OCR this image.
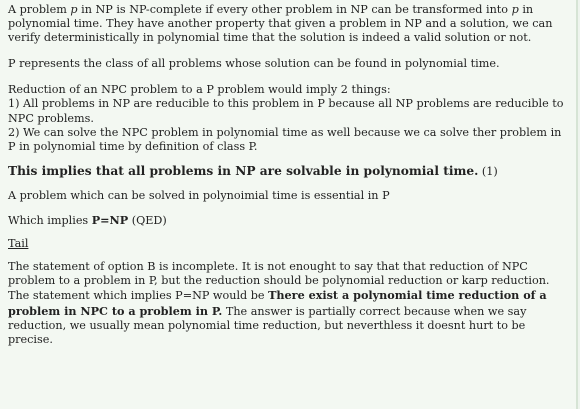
A problem p in NP is NP-complete if every other problem in NP can be transformed into p in polynomial time. They have another property that given a problem in NP and a solution, we can verify deterministically in polynomial time that the solution is indeed a valid solution or not.

P represents the class of all problems whose solution can be found in polynomial time.

Reduction of an NPC problem to a P problem would imply 2 things:

1) All problems in NP are reducible to this problem in P because all NP problems are reducible to NPC problems.

2) We can solve the NPC problem in polynomial time as well because we ca solve ther problem in P in polynomial time by definition of class P.

This implies that all problems in NP are solvable in polynomial time. (1)

A problem which can be solved in polynoimial time is essential in P

Which implies P=NP (QED)

Tail

The statement of option B is incomplete. It is not enought to say that that reduction of NPC problem to a problem in P, but the reduction should be polynomial reduction or karp reduction.

The statement which implies P=NP would be There exist a polynomial time reduction of a problem in NPC to a problem in P. The answer is partially correct because when we say reduction, we usually mean polynomial time reduction, but neverthless it doesnt hurt to be precise.
